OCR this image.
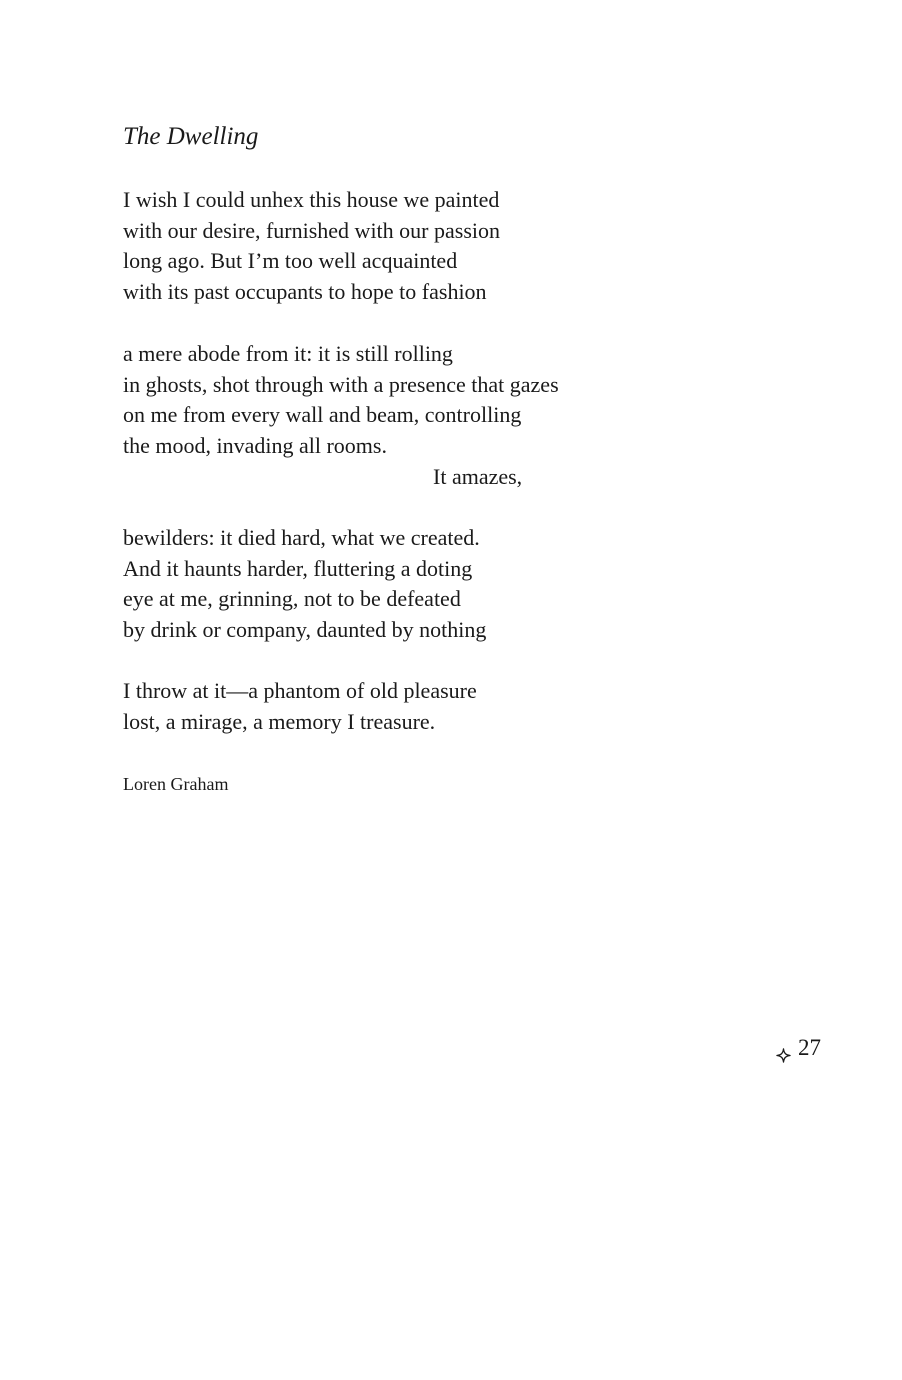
The Dwelling
I wish I could unhex this house we painted
with our desire, furnished with our passion
long ago. But I’m too well acquainted
with its past occupants to hope to fashion
a mere abode from it: it is still rolling
in ghosts, shot through with a presence that gazes
on me from every wall and beam, controlling
the mood, invading all rooms.
It amazes,
bewilders: it died hard, what we created.
And it haunts harder, fluttering a doting
eye at me, grinning, not to be defeated
by drink or company, daunted by nothing
I throw at it—a phantom of old pleasure
lost, a mirage, a memory I treasure.
Loren Graham
27
